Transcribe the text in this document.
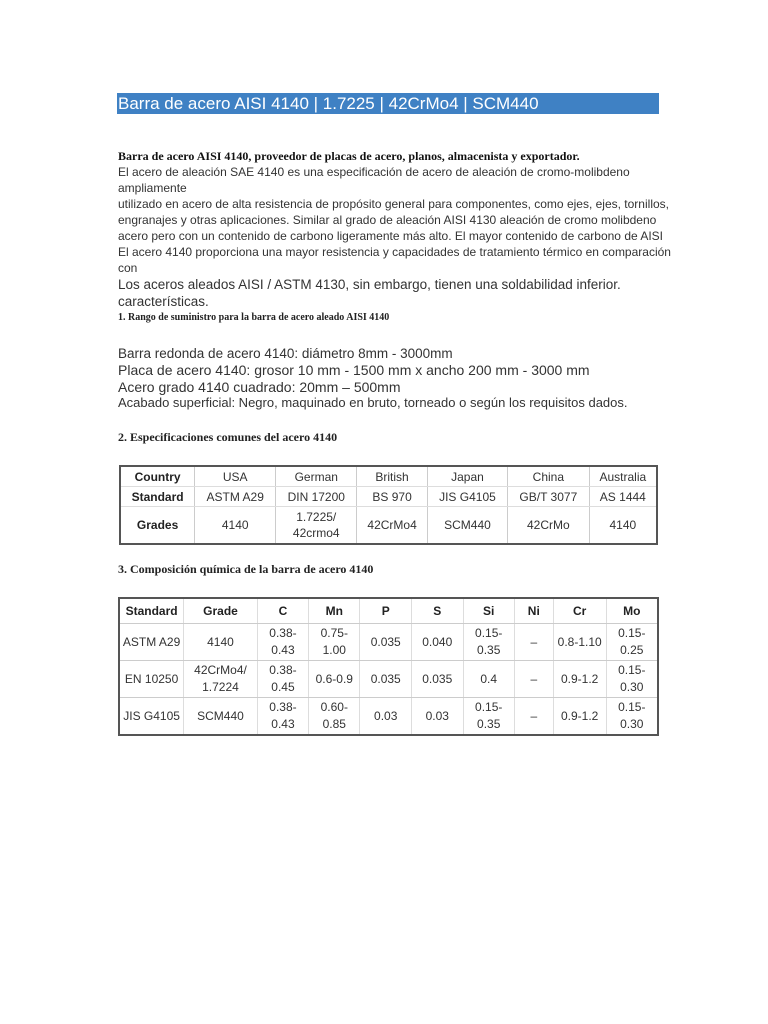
Barra de acero AISI 4140 | 1.7225 | 42CrMo4 | SCM440
Barra de acero AISI 4140, proveedor de placas de acero, planos, almacenista y exportador.
El acero de aleación SAE 4140 es una especificación de acero de aleación de cromo-molibdeno ampliamente
utilizado en acero de alta resistencia de propósito general para componentes, como ejes, ejes, tornillos,
engranajes y otras aplicaciones. Similar al grado de aleación AISI 4130 aleación de cromo molibdeno
acero pero con un contenido de carbono ligeramente más alto. El mayor contenido de carbono de AISI
El acero 4140 proporciona una mayor resistencia y capacidades de tratamiento térmico en comparación con
Los aceros aleados AISI / ASTM 4130, sin embargo, tienen una soldabilidad inferior.
características.
1. Rango de suministro para la barra de acero aleado AISI 4140
Barra redonda de acero 4140: diámetro 8mm - 3000mm
Placa de acero 4140: grosor 10 mm - 1500 mm x ancho 200 mm - 3000 mm
Acero grado 4140 cuadrado: 20mm – 500mm
Acabado superficial: Negro, maquinado en bruto, torneado o según los requisitos dados.
2. Especificaciones comunes del acero 4140
Country	USA	German	British	Japan	China	Australia
Standard	ASTM A29	DIN 17200	BS 970	JIS G4105	GB/T 3077	AS 1444
Grades	4140	1.7225/
42crmo4	42CrMo4	SCM440	42CrMo	4140
3. Composición química de la barra de acero 4140
Standard	Grade	C	Mn	P	S	Si	Ni	Cr	Mo
ASTM A29	4140	0.38-
0.43	0.75-
1.00	0.035	0.040	0.15-
0.35	–	0.8-1.10	0.15-
0.25
EN 10250	42CrMo4/
1.7224	0.38-
0.45	0.6-0.9	0.035	0.035	0.4	–	0.9-1.2	0.15-
0.30
JIS G4105	SCM440	0.38-
0.43	0.60-
0.85	0.03	0.03	0.15-
0.35	–	0.9-1.2	0.15-
0.30
